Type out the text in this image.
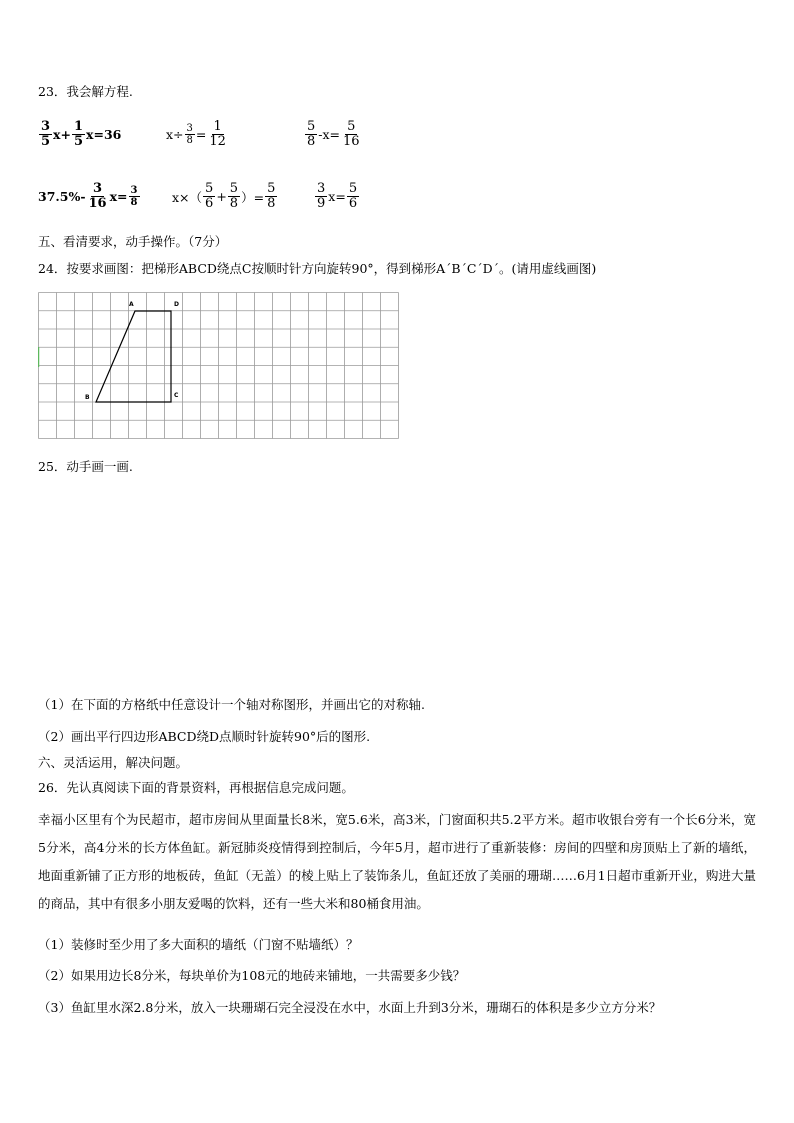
23．我会解方程.
$\frac{3}{5} x+ \frac{1}{5} x=36$	$x\div \frac{3}{8} = \frac{1}{12}$	$\frac{5}{8} -x= \frac{5}{16}$
$37.5\%- \frac{3}{16} x= \frac{3}{8}$	$x\times( \frac{5}{6} + \frac{5}{8}$ ）= $\frac{5}{8}$	$\frac{3}{9} x= \frac{5}{6}$
五、看清要求，动手操作。（7分）
24．按要求画图：把梯形ABCD绕点C按顺时针方向旋转90°，得到梯形A´B´C´D´。(请用虚线画图)
A	D
B	C
25．动手画一画.
（1）在下面的方格纸中任意设计一个轴对称图形，并画出它的对称轴.
（2）画出平行四边形ABCD绕D点顺时针旋转90°后的图形.
六、灵活运用，解决问题。
26．先认真阅读下面的背景资料，再根据信息完成问题。
幸福小区里有个为民超市，超市房间从里面量长8米，宽5.6米，高3米，门窗面积共5.2平方米。超市收银台旁有一个长6分米，宽5分米，高4分米的长方体鱼缸。新冠肺炎疫情得到控制后，今年5月，超市进行了重新装修：房间的四壁和房顶贴上了新的墙纸，地面重新铺了正方形的地板砖，鱼缸（无盖）的棱上贴上了装饰条儿，鱼缸还放了美丽的珊瑚……6月1日超市重新开业，购进大量的商品，其中有很多小朋友爱喝的饮料，还有一些大米和80桶食用油。
（1）装修时至少用了多大面积的墙纸（门窗不贴墙纸）？
（2）如果用边长8分米，每块单价为108元的地砖来铺地，一共需要多少钱？
（3）鱼缸里水深2.8分米，放入一块珊瑚石完全浸没在水中，水面上升到3分米，珊瑚石的体积是多少立方分米？
